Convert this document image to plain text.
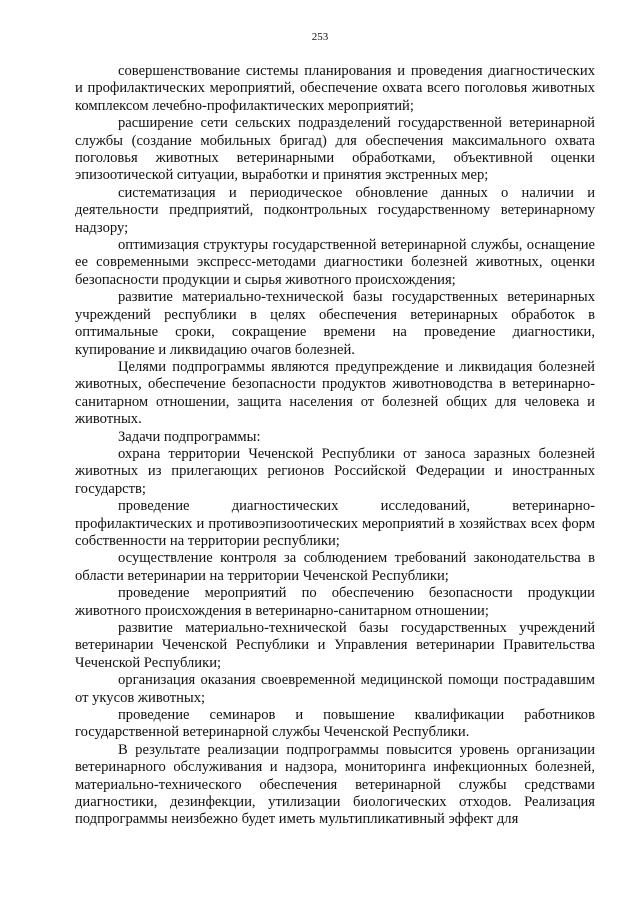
253

совершенствование системы планирования и проведения диагностических и профилактических мероприятий, обеспечение охвата всего поголовья животных комплексом лечебно-профилактических мероприятий;

расширение сети сельских подразделений государственной ветеринарной службы (создание мобильных бригад) для обеспечения максимального охвата поголовья животных ветеринарными обработками, объективной оценки эпизоотической ситуации, выработки и принятия экстренных мер;

систематизация и периодическое обновление данных о наличии и деятельности предприятий, подконтрольных государственному ветеринарному надзору;

оптимизация структуры государственной ветеринарной службы, оснащение ее современными экспресс-методами диагностики болезней животных, оценки безопасности продукции и сырья животного происхождения;

развитие материально-технической базы государственных ветеринарных учреждений республики в целях обеспечения ветеринарных обработок в оптимальные сроки, сокращение времени на проведение диагностики, купирование и ликвидацию очагов болезней.

Целями подпрограммы являются предупреждение и ликвидация болезней животных, обеспечение безопасности продуктов животноводства в ветеринарно-санитарном отношении, защита населения от болезней общих для человека и животных.

Задачи подпрограммы:

охрана территории Чеченской Республики от заноса заразных болезней животных из прилегающих регионов Российской Федерации и иностранных государств;

проведение диагностических исследований, ветеринарно-профилактических и противоэпизоотических мероприятий в хозяйствах всех форм собственности на территории республики;

осуществление контроля за соблюдением требований законодательства в области ветеринарии на территории Чеченской Республики;

проведение мероприятий по обеспечению безопасности продукции животного происхождения в ветеринарно-санитарном отношении;

развитие материально-технической базы государственных учреждений ветеринарии Чеченской Республики и Управления ветеринарии Правительства Чеченской Республики;

организация оказания своевременной медицинской помощи пострадавшим от укусов животных;

проведение семинаров и повышение квалификации работников государственной ветеринарной службы Чеченской Республики.

В результате реализации подпрограммы повысится уровень организации ветеринарного обслуживания и надзора, мониторинга инфекционных болезней, материально-технического обеспечения ветеринарной службы средствами диагностики, дезинфекции, утилизации биологических отходов. Реализация подпрограммы неизбежно будет иметь мультипликативный эффект для
